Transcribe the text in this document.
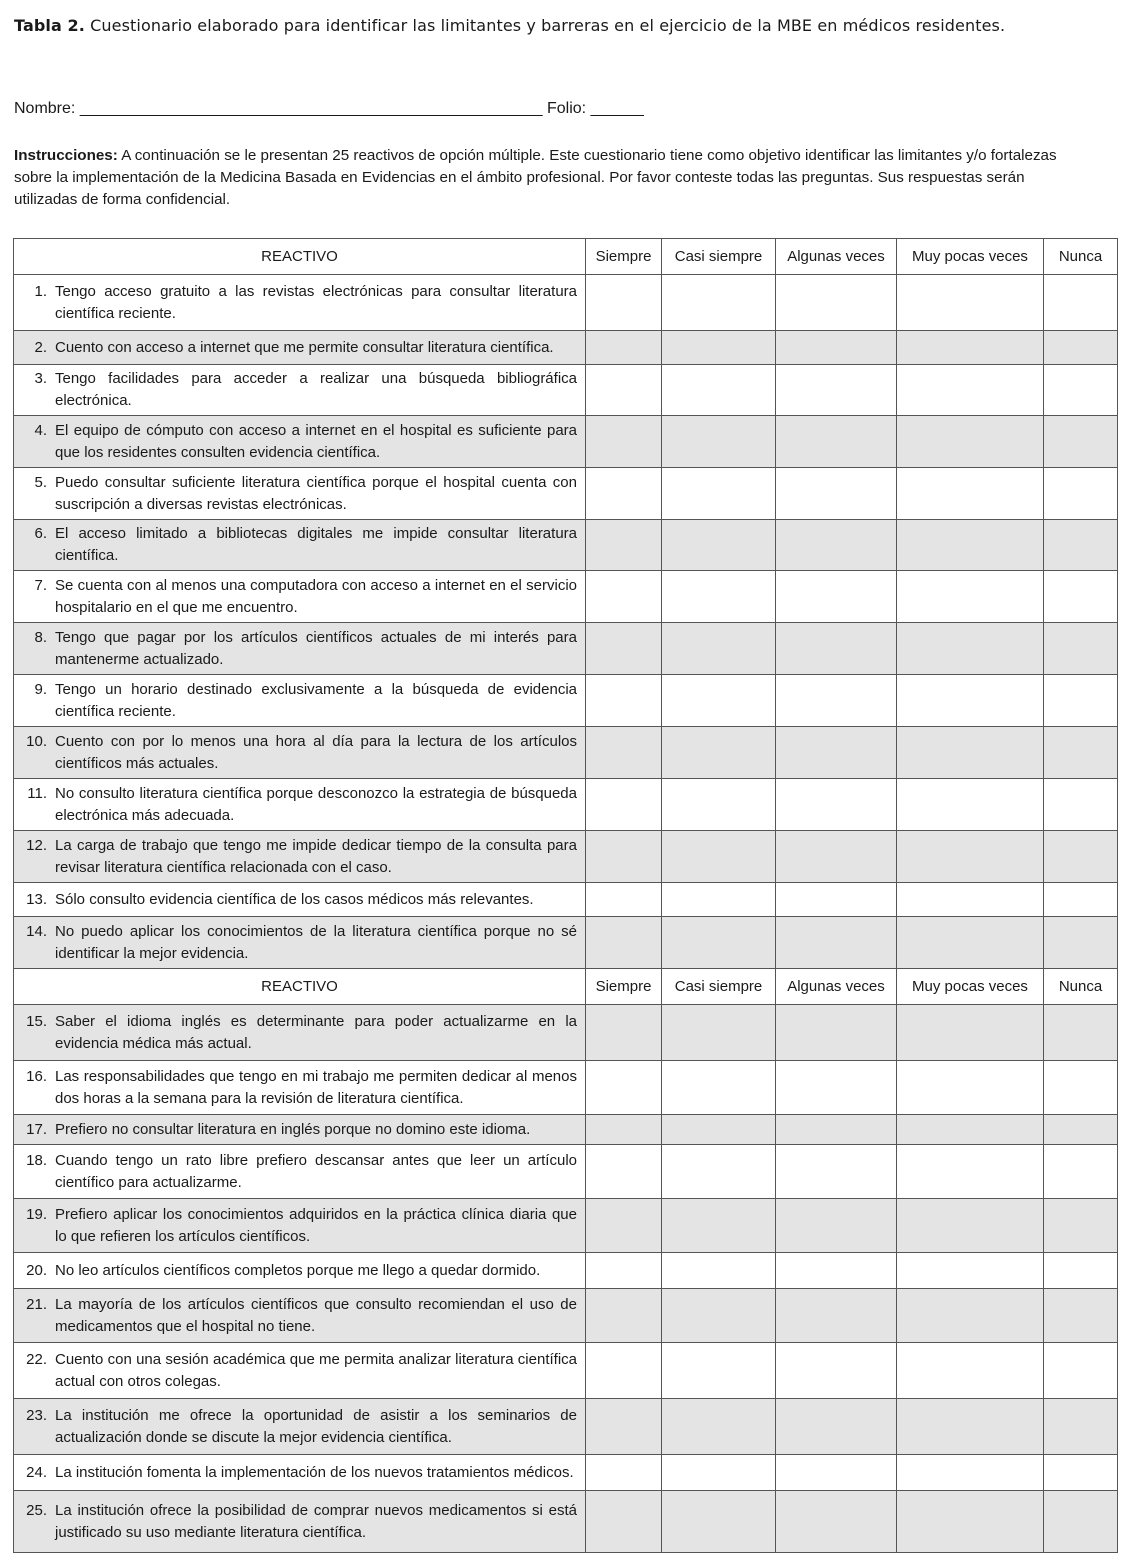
Tabla 2. Cuestionario elaborado para identificar las limitantes y barreras en el ejercicio de la MBE en médicos residentes.
Nombre: ____________________________________________________ Folio: ______
Instrucciones: A continuación se le presentan 25 reactivos de opción múltiple. Este cuestionario tiene como objetivo identificar las limitantes y/o fortalezas sobre la implementación de la Medicina Basada en Evidencias en el ámbito profesional. Por favor conteste todas las preguntas. Sus respuestas serán utilizadas de forma confidencial.
REACTIVO	Siempre	Casi siempre	Algunas veces	Muy pocas veces	Nunca

1. Tengo acceso gratuito a las revistas electrónicas para consultar literatura científica reciente.					

2. Cuento con acceso a internet que me permite consultar literatura científica.					

3. Tengo facilidades para acceder a realizar una búsqueda bibliográfica electrónica.					

4. El equipo de cómputo con acceso a internet en el hospital es suficiente para que los residentes consulten evidencia científica.					

5. Puedo consultar suficiente literatura científica porque el hospital cuenta con suscripción a diversas revistas electrónicas.					

6. El acceso limitado a bibliotecas digitales me impide consultar literatura científica.					

7. Se cuenta con al menos una computadora con acceso a internet en el servicio hospitalario en el que me encuentro.					

8. Tengo que pagar por los artículos científicos actuales de mi interés para mantenerme actualizado.					

9. Tengo un horario destinado exclusivamente a la búsqueda de evidencia científica reciente.					

10. Cuento con por lo menos una hora al día para la lectura de los artículos científicos más actuales.					

11. No consulto literatura científica porque desconozco la estrategia de búsqueda electrónica más adecuada.					

12. La carga de trabajo que tengo me impide dedicar tiempo de la consulta para revisar literatura científica relacionada con el caso.					

13. Sólo consulto evidencia científica de los casos médicos más relevantes.					

14. No puedo aplicar los conocimientos de la literatura científica porque no sé identificar la mejor evidencia.					

REACTIVO	Siempre	Casi siempre	Algunas veces	Muy pocas veces	Nunca

15. Saber el idioma inglés es determinante para poder actualizarme en la evidencia médica más actual.					

16. Las responsabilidades que tengo en mi trabajo me permiten dedicar al menos dos horas a la semana para la revisión de literatura científica.					

17. Prefiero no consultar literatura en inglés porque no domino este idioma.					

18. Cuando tengo un rato libre prefiero descansar antes que leer un artículo científico para actualizarme.					

19. Prefiero aplicar los conocimientos adquiridos en la práctica clínica diaria que lo que refieren los artículos científicos.					

20. No leo artículos científicos completos porque me llego a quedar dormido.					

21. La mayoría de los artículos científicos que consulto recomiendan el uso de medicamentos que el hospital no tiene.					

22. Cuento con una sesión académica que me permita analizar literatura científica actual con otros colegas.					

23. La institución me ofrece la oportunidad de asistir a los seminarios de actualización donde se discute la mejor evidencia científica.					

24. La institución fomenta la implementación de los nuevos tratamientos médicos.					

25. La institución ofrece la posibilidad de comprar nuevos medicamentos si está justificado su uso mediante literatura científica.					
